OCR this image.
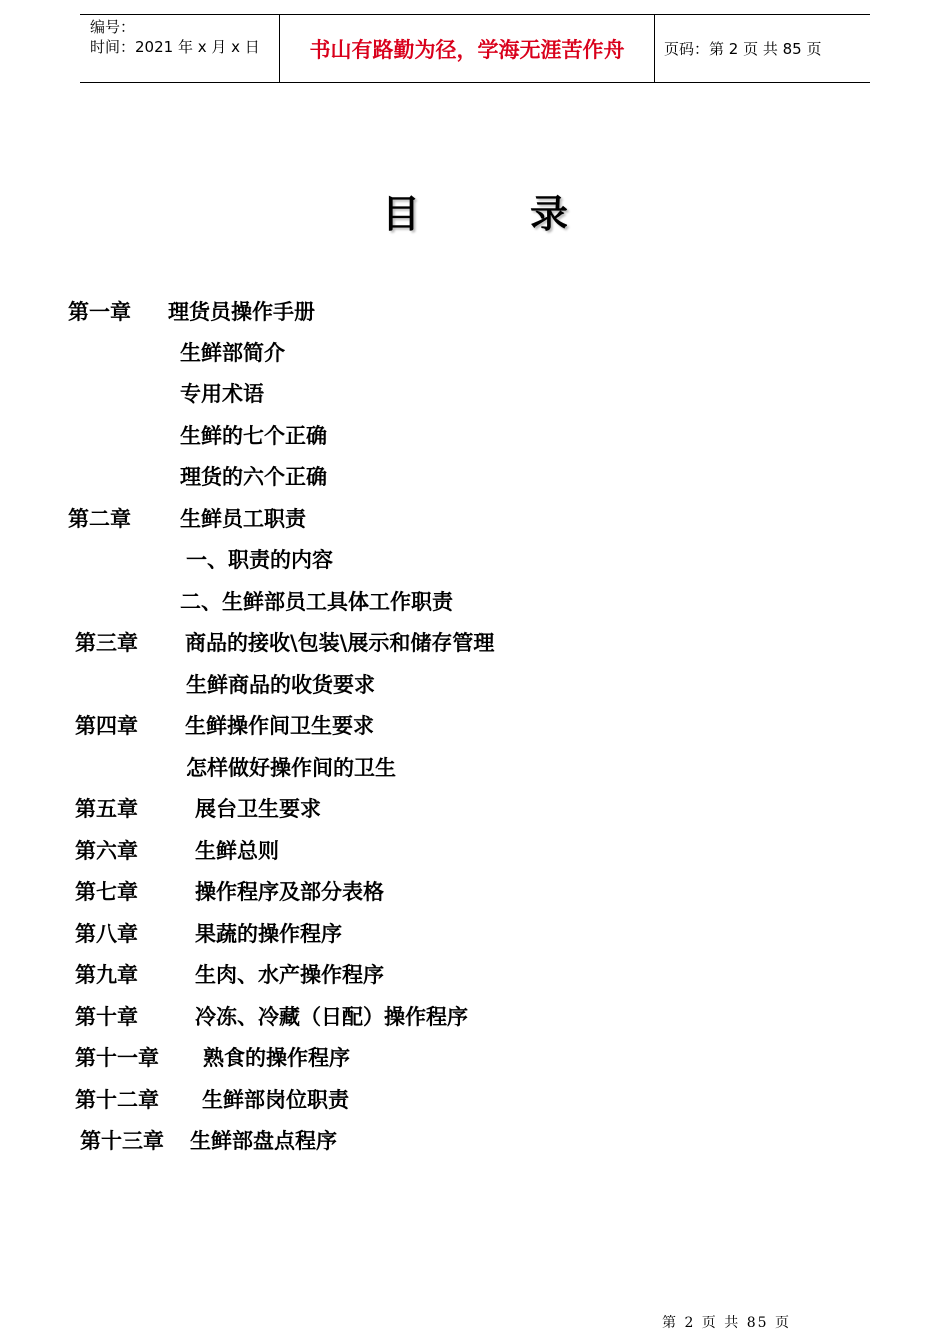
编号：
时间：2021 年 x 月 x 日	书山有路勤为径，学海无涯苦作舟	页码：第 2 页 共 85 页
目录
第一章 理货员操作手册
生鲜部简介
专用术语
生鲜的七个正确
理货的六个正确
第二章 生鲜员工职责
一、职责的内容
二、生鲜部员工具体工作职责
第三章 商品的接收\包装\展示和储存管理
生鲜商品的收货要求
第四章 生鲜操作间卫生要求
怎样做好操作间的卫生
第五章	展台卫生要求
第六章	生鲜总则
第七章	操作程序及部分表格
第八章	果蔬的操作程序
第九章	生肉、水产操作程序
第十章	冷冻、冷藏（日配）操作程序
第十一章 熟食的操作程序
第十二章 生鲜部岗位职责
第十三章 生鲜部盘点程序
第 2 页 共 85 页
